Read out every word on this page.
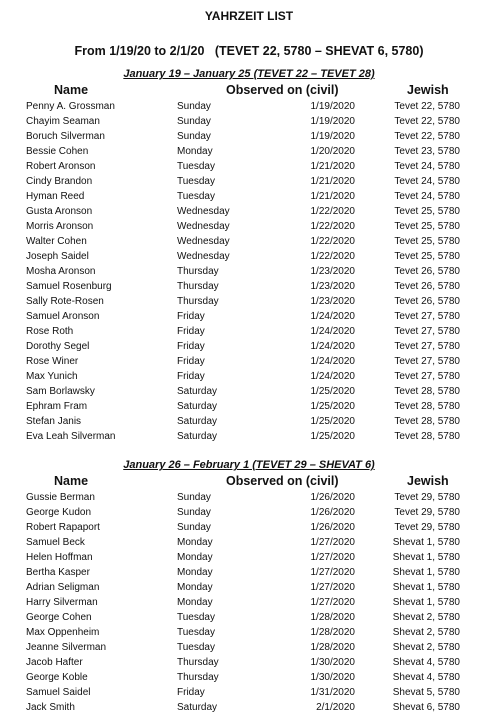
YAHRZEIT LIST
From 1/19/20 to 2/1/20   (TEVET 22, 5780 – SHEVAT 6, 5780)
January 19 – January 25 (TEVET 22 – TEVET 28)
Name	Observed on (civil)	Jewish
Penny A. Grossman	Sunday	1/19/2020	Tevet 22, 5780
Chayim Seaman	Sunday	1/19/2020	Tevet 22, 5780
Boruch Silverman	Sunday	1/19/2020	Tevet 22, 5780
Bessie Cohen	Monday	1/20/2020	Tevet 23, 5780
Robert Aronson	Tuesday	1/21/2020	Tevet 24, 5780
Cindy Brandon	Tuesday	1/21/2020	Tevet 24, 5780
Hyman Reed	Tuesday	1/21/2020	Tevet 24, 5780
Gusta Aronson	Wednesday	1/22/2020	Tevet 25, 5780
Morris Aronson	Wednesday	1/22/2020	Tevet 25, 5780
Walter Cohen	Wednesday	1/22/2020	Tevet 25, 5780
Joseph Saidel	Wednesday	1/22/2020	Tevet 25, 5780
Mosha Aronson	Thursday	1/23/2020	Tevet 26, 5780
Samuel Rosenburg	Thursday	1/23/2020	Tevet 26, 5780
Sally Rote-Rosen	Thursday	1/23/2020	Tevet 26, 5780
Samuel Aronson	Friday	1/24/2020	Tevet 27, 5780
Rose Roth	Friday	1/24/2020	Tevet 27, 5780
Dorothy Segel	Friday	1/24/2020	Tevet 27, 5780
Rose Winer	Friday	1/24/2020	Tevet 27, 5780
Max Yunich	Friday	1/24/2020	Tevet 27, 5780
Sam Borlawsky	Saturday	1/25/2020	Tevet 28, 5780
Ephram Fram	Saturday	1/25/2020	Tevet 28, 5780
Stefan Janis	Saturday	1/25/2020	Tevet 28, 5780
Eva Leah Silverman	Saturday	1/25/2020	Tevet 28, 5780
January 26 – February 1 (TEVET 29 – SHEVAT 6)
Name	Observed on (civil)	Jewish
Gussie Berman	Sunday	1/26/2020	Tevet 29, 5780
George Kudon	Sunday	1/26/2020	Tevet 29, 5780
Robert Rapaport	Sunday	1/26/2020	Tevet 29, 5780
Samuel Beck	Monday	1/27/2020	Shevat 1, 5780
Helen Hoffman	Monday	1/27/2020	Shevat 1, 5780
Bertha Kasper	Monday	1/27/2020	Shevat 1, 5780
Adrian Seligman	Monday	1/27/2020	Shevat 1, 5780
Harry Silverman	Monday	1/27/2020	Shevat 1, 5780
George Cohen	Tuesday	1/28/2020	Shevat 2, 5780
Max Oppenheim	Tuesday	1/28/2020	Shevat 2, 5780
Jeanne Silverman	Tuesday	1/28/2020	Shevat 2, 5780
Jacob Hafter	Thursday	1/30/2020	Shevat 4, 5780
George Koble	Thursday	1/30/2020	Shevat 4, 5780
Samuel Saidel	Friday	1/31/2020	Shevat 5, 5780
Jack Smith	Saturday	2/1/2020	Shevat 6, 5780
